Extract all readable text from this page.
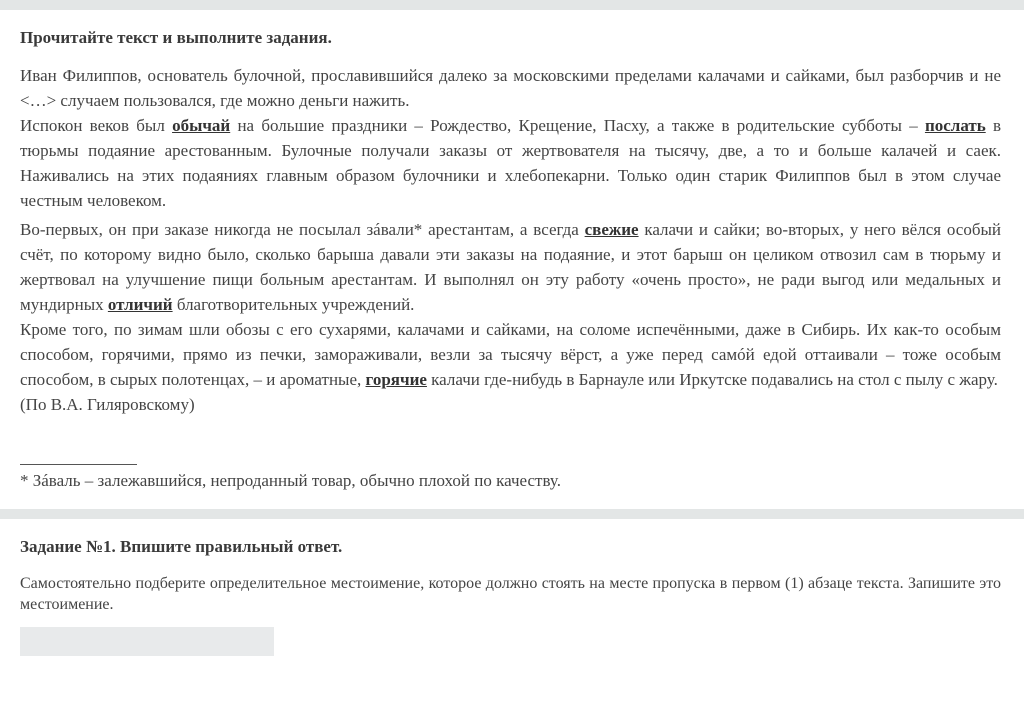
Прочитайте текст и выполните задания.

Иван Филиппов, основатель булочной, прославившийся далеко за московскими пределами калачами и сайками, был разборчив и не <…> случаем пользовался, где можно деньги нажить.

Испокон веков был обычай на большие праздники – Рождество, Крещение, Пасху, а также в родительские субботы – послать в тюрьмы подаяние арестованным. Булочные получали заказы от жертвователя на тысячу, две, а то и больше калачей и саек. Наживались на этих подаяниях главным образом булочники и хлебопекарни. Только один старик Филиппов был в этом случае честным человеком.

Во-первых, он при заказе никогда не посылал зáвали* арестантам, а всегда свежие калачи и сайки; во-вторых, у него вёлся особый счёт, по которому видно было, сколько барыша давали эти заказы на подаяние, и этот барыш он целиком отвозил сам в тюрьму и жертвовал на улучшение пищи больным арестантам. И выполнял он эту работу «очень просто», не ради выгод или медальных и мундирных отличий благотворительных учреждений.

Кроме того, по зимам шли обозы с его сухарями, калачами и сайками, на соломе испечёнными, даже в Сибирь. Их как-то особым способом, горячими, прямо из печки, замораживали, везли за тысячу вёрст, а уже перед самóй едой оттаивали – тоже особым способом, в сырых полотенцах, – и ароматные, горячие калачи где-нибудь в Барнауле или Иркутске подавались на стол с пылу с жару.

(По В.А. Гиляровскому)

* Зáваль – залежавшийся, непроданный товар, обычно плохой по качеству.
Задание №1. Впишите правильный ответ.
Самостоятельно подберите определительное местоимение, которое должно стоять на месте пропуска в первом (1) абзаце текста. Запишите это местоимение.
